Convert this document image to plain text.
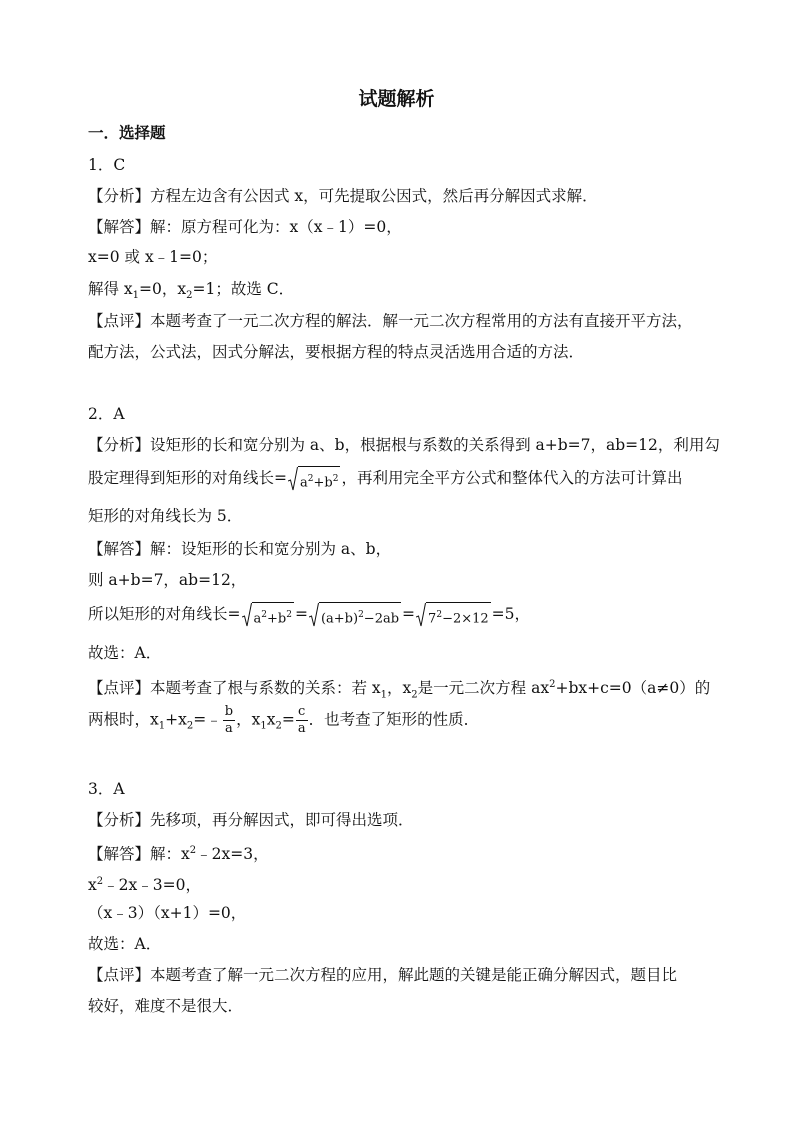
试题解析
一．选择题
1．C
【分析】方程左边含有公因式 x，可先提取公因式，然后再分解因式求解．
【解答】解：原方程可化为：x（x﹣1）=0，
x=0 或 x﹣1=0；
解得 $x_1=0$，$x_2=1$；故选 C．
【点评】本题考查了一元二次方程的解法．解一元二次方程常用的方法有直接开平方法，
配方法，公式法，因式分解法，要根据方程的特点灵活选用合适的方法．
2．A
【分析】设矩形的长和宽分别为 a、b，根据根与系数的关系得到 a+b=7，ab=12，利用勾
股定理得到矩形的对角线长= $a^2+b^2$ ，再利用完全平方公式和整体代入的方法可计算出
矩形的对角线长为 5．
【解答】解：设矩形的长和宽分别为 a、b，
则 a+b=7，ab=12，
所以矩形的对角线长= $a^2+b^2 = (a+b)^2-2ab = 7^2-2\times 12 =5$，
故选：A．
【点评】本题考查了根与系数的关系：若 $x_1$，$x_2$是一元二次方程 $ax^2+bx+c=0(a\ne 0)$的
两根时，$x_1+x_2=﹣ \frac{b}{a}$ ，$x_1x_2= \frac{c}{a}$ ．也考查了矩形的性质．
3．A
【分析】先移项，再分解因式，即可得出选项．
【解答】解：$x^2﹣2x=3$，
$x^2﹣2x﹣3=0$，
（x﹣3）（x+1）=0，
故选：A．
【点评】本题考查了解一元二次方程的应用，解此题的关键是能正确分解因式，题目比
较好，难度不是很大．
